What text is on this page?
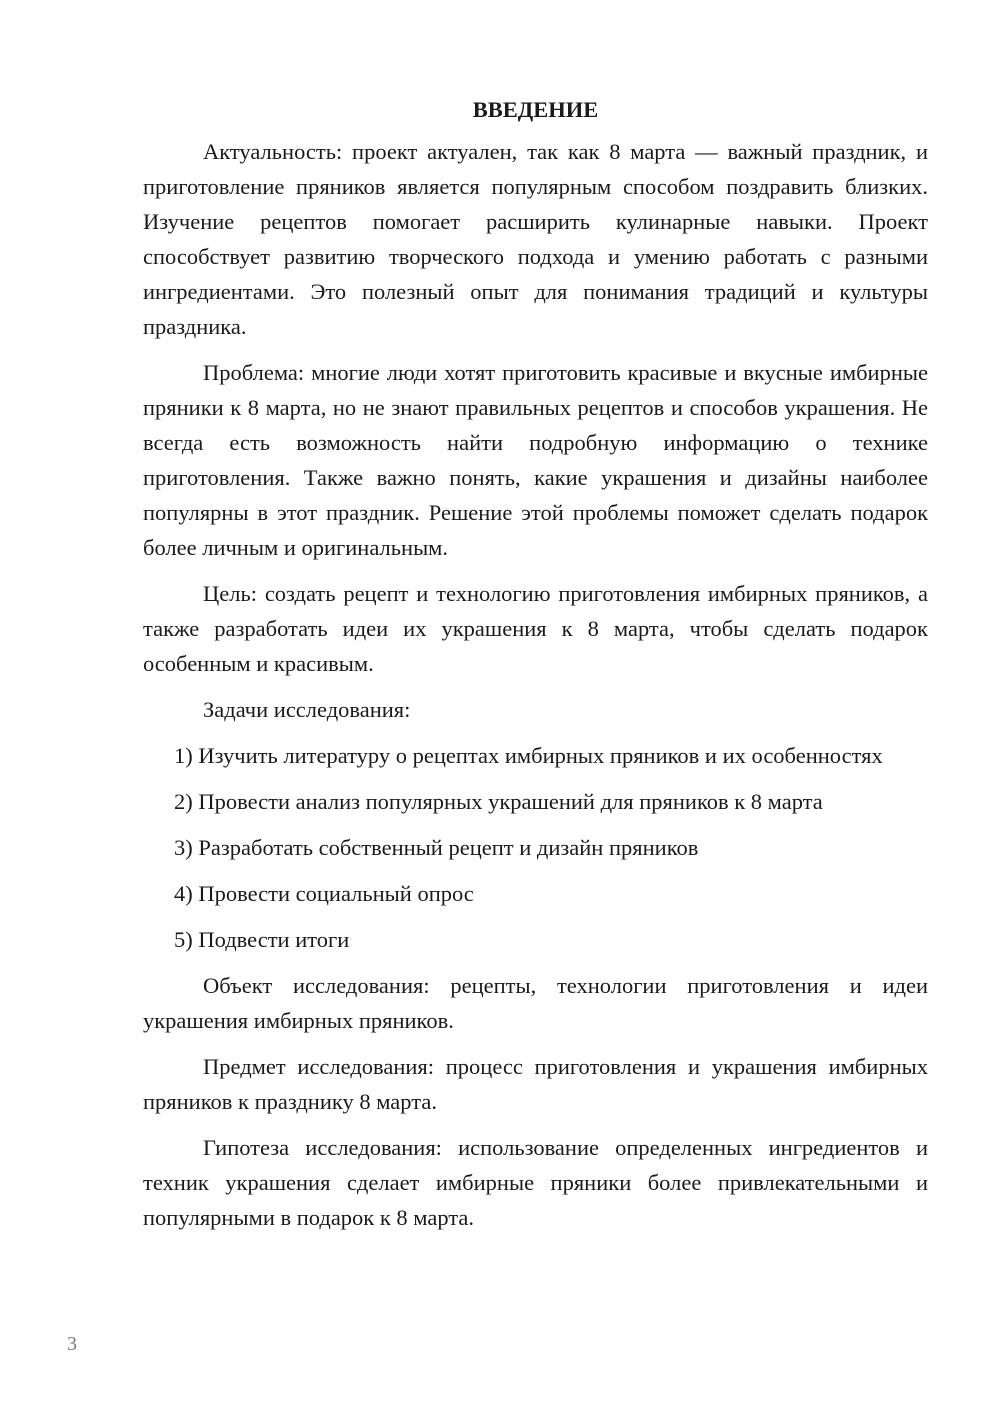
ВВЕДЕНИЕ

Актуальность: проект актуален, так как 8 марта — важный праздник, и приготовление пряников является популярным способом поздравить близких. Изучение рецептов помогает расширить кулинарные навыки. Проект способствует развитию творческого подхода и умению работать с разными ингредиентами. Это полезный опыт для понимания традиций и культуры праздника.

Проблема: многие люди хотят приготовить красивые и вкусные имбирные пряники к 8 марта, но не знают правильных рецептов и способов украшения. Не всегда есть возможность найти подробную информацию о технике приготовления. Также важно понять, какие украшения и дизайны наиболее популярны в этот праздник. Решение этой проблемы поможет сделать подарок более личным и оригинальным.

Цель: создать рецепт и технологию приготовления имбирных пряников, а также разработать идеи их украшения к 8 марта, чтобы сделать подарок особенным и красивым.

Задачи исследования:

1) Изучить литературу о рецептах имбирных пряников и их особенностях

2) Провести анализ популярных украшений для пряников к 8 марта

3) Разработать собственный рецепт и дизайн пряников

4) Провести социальный опрос

5) Подвести итоги

Объект исследования: рецепты, технологии приготовления и идеи украшения имбирных пряников.

Предмет исследования: процесс приготовления и украшения имбирных пряников к празднику 8 марта.

Гипотеза исследования: использование определенных ингредиентов и техник украшения сделает имбирные пряники более привлекательными и популярными в подарок к 8 марта.

3
